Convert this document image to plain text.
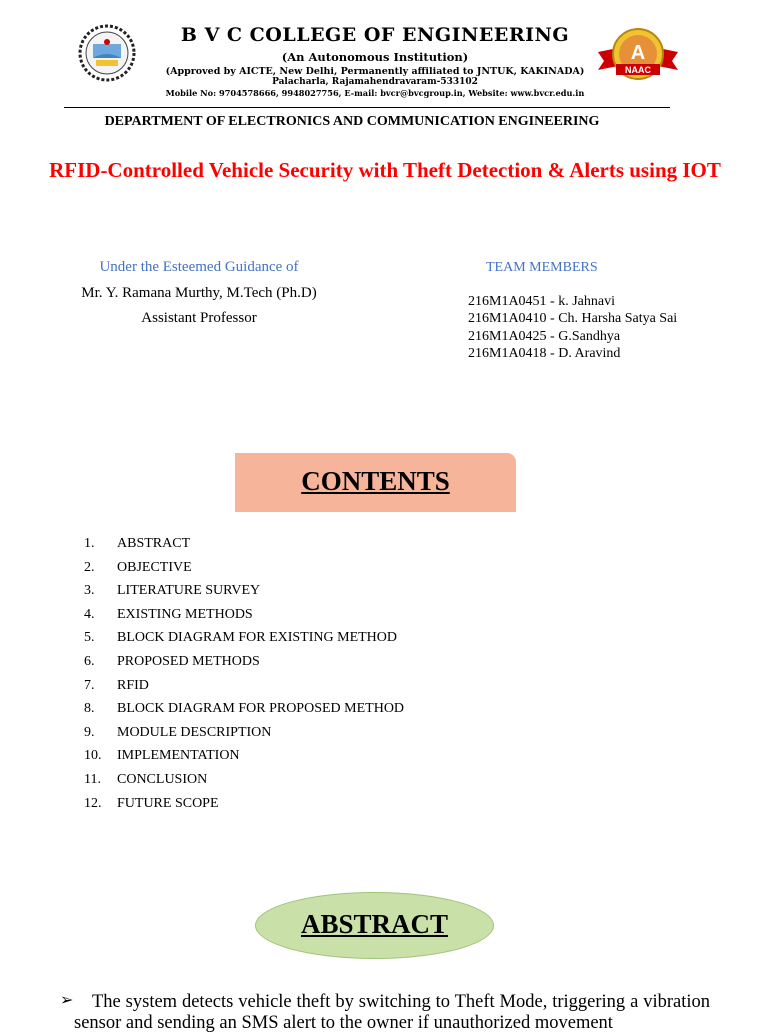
B V C COLLEGE OF ENGINEERING
(An Autonomous Institution)
(Approved by AICTE, New Delhi, Permanently affiliated to JNTUK, KAKINADA)
Palacharla, Rajamahendravaram-533102
Mobile No: 9704578666, 9948027756, E-mail: bvcr@bvcgroup.in, Website: www.bvcr.edu.in
A
NAAC
DEPARTMENT OF ELECTRONICS AND COMMUNICATION ENGINEERING
RFID-Controlled Vehicle Security with Theft Detection & Alerts using IOT
Under the Esteemed Guidance of
Mr. Y. Ramana Murthy, M.Tech (Ph.D)
Assistant Professor
TEAM MEMBERS
216M1A0451 - k. Jahnavi
216M1A0410 - Ch. Harsha Satya Sai
216M1A0425 - G.Sandhya
216M1A0418 - D. Aravind
CONTENTS
1.	ABSTRACT
2.	OBJECTIVE
3.	LITERATURE SURVEY
4.	EXISTING METHODS
5.	BLOCK DIAGRAM FOR EXISTING METHOD
6.	PROPOSED METHODS
7.	RFID
8.	BLOCK DIAGRAM FOR PROPOSED METHOD
9.	MODULE DESCRIPTION
10.	IMPLEMENTATION
11.	CONCLUSION
12.	FUTURE SCOPE
ABSTRACT
➢	The system detects vehicle theft by switching to Theft Mode, triggering a vibration sensor and sending an SMS alert to the owner if unauthorized movement
